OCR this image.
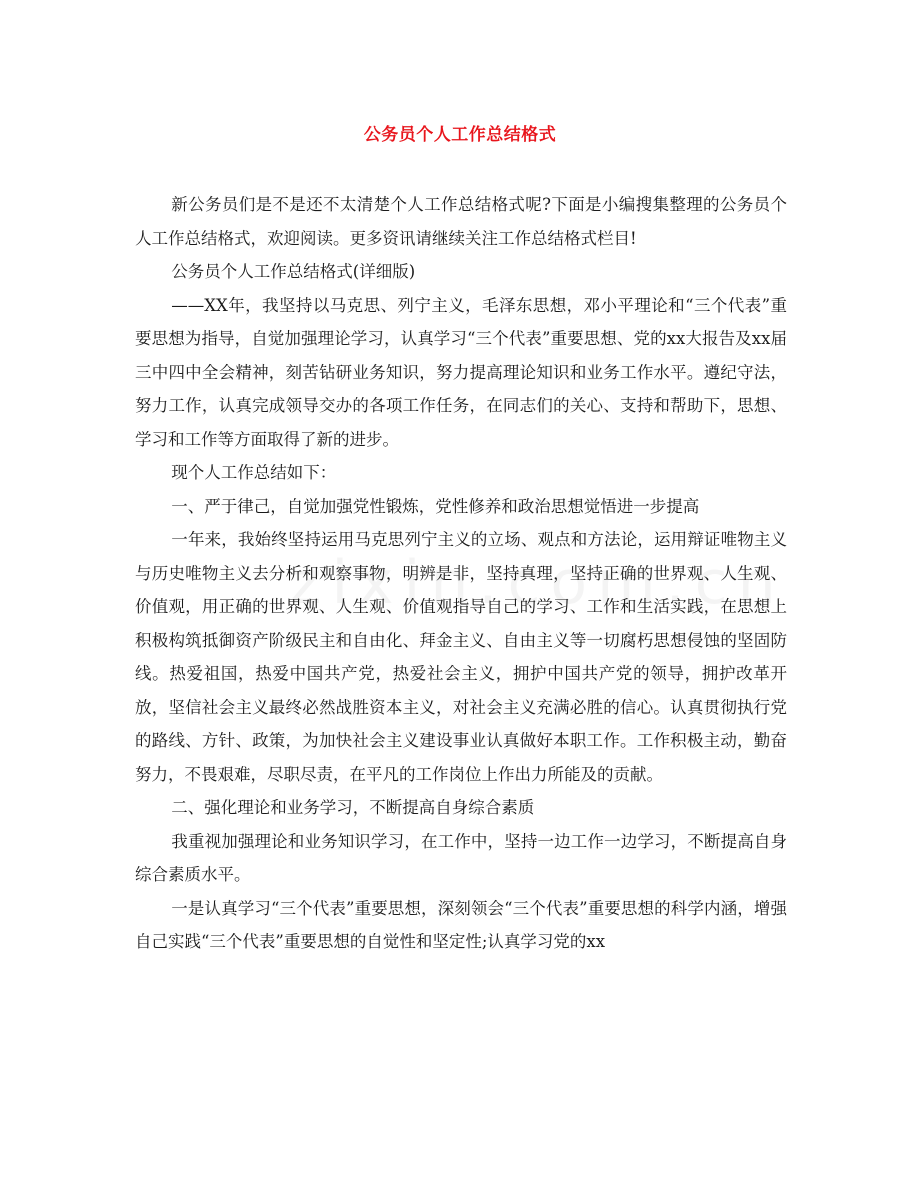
公务员个人工作总结格式

新公务员们是不是还不太清楚个人工作总结格式呢?下面是小编搜集整理的公务员个人工作总结格式，欢迎阅读。更多资讯请继续关注工作总结格式栏目!

公务员个人工作总结格式(详细版)

——XX年，我坚持以马克思、列宁主义，毛泽东思想，邓小平理论和“三个代表”重要思想为指导，自觉加强理论学习，认真学习“三个代表”重要思想、党的xx大报告及xx届三中四中全会精神，刻苦钻研业务知识，努力提高理论知识和业务工作水平。遵纪守法，努力工作，认真完成领导交办的各项工作任务，在同志们的关心、支持和帮助下，思想、学习和工作等方面取得了新的进步。

现个人工作总结如下：

一、严于律己，自觉加强党性锻炼，党性修养和政治思想觉悟进一步提高

一年来，我始终坚持运用马克思列宁主义的立场、观点和方法论，运用辩证唯物主义与历史唯物主义去分析和观察事物，明辨是非，坚持真理，坚持正确的世界观、人生观、价值观，用正确的世界观、人生观、价值观指导自己的学习、工作和生活实践，在思想上积极构筑抵御资产阶级民主和自由化、拜金主义、自由主义等一切腐朽思想侵蚀的坚固防线。热爱祖国，热爱中国共产党，热爱社会主义，拥护中国共产党的领导，拥护改革开放，坚信社会主义最终必然战胜资本主义，对社会主义充满必胜的信心。认真贯彻执行党的路线、方针、政策，为加快社会主义建设事业认真做好本职工作。工作积极主动，勤奋努力，不畏艰难，尽职尽责，在平凡的工作岗位上作出力所能及的贡献。

二、强化理论和业务学习，不断提高自身综合素质

我重视加强理论和业务知识学习，在工作中，坚持一边工作一边学习，不断提高自身综合素质水平。

一是认真学习“三个代表”重要思想，深刻领会“三个代表”重要思想的科学内涵，增强自己实践“三个代表”重要思想的自觉性和坚定性;认真学习党的xx
